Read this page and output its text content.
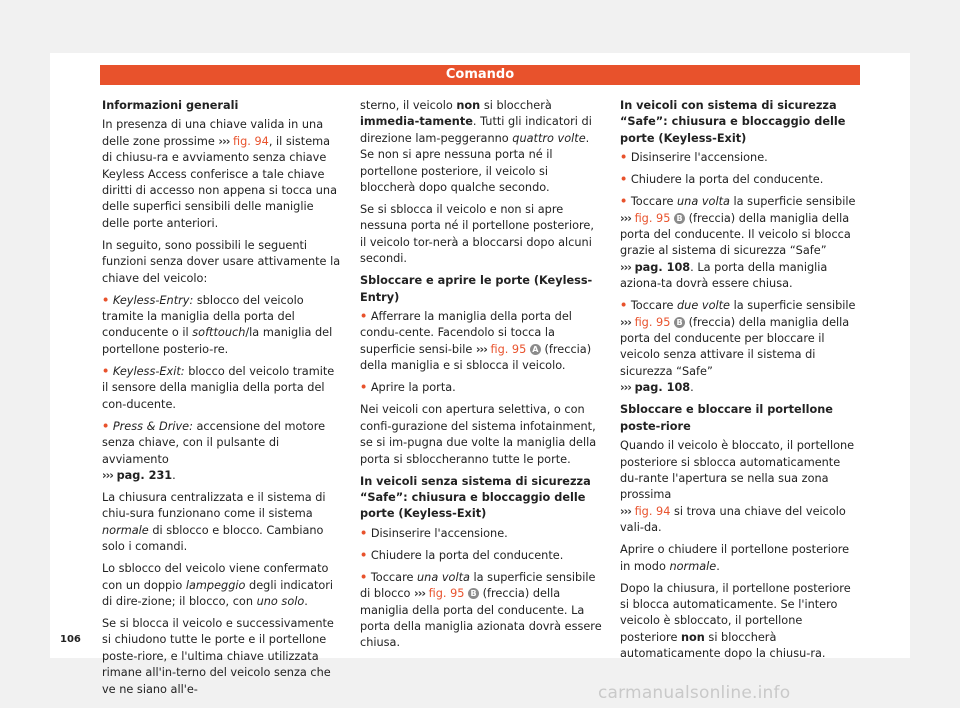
Comando
Informazioni generali

In presenza di una chiave valida in una delle zone prossime ››› fig. 94, il sistema di chiusu-ra e avviamento senza chiave Keyless Access conferisce a tale chiave diritti di accesso non appena si tocca una delle superfici sensibili delle maniglie delle porte anteriori.

In seguito, sono possibili le seguenti funzioni senza dover usare attivamente la chiave del veicolo:

• Keyless-Entry: sblocco del veicolo tramite la maniglia della porta del conducente o il softtouch/la maniglia del portellone posterio-re.

• Keyless-Exit: blocco del veicolo tramite il sensore della maniglia della porta del con-ducente.

• Press & Drive: accensione del motore senza chiave, con il pulsante di avviamento
››› pag. 231.

La chiusura centralizzata e il sistema di chiu-sura funzionano come il sistema normale di sblocco e blocco. Cambiano solo i comandi.

Lo sblocco del veicolo viene confermato con un doppio lampeggio degli indicatori di dire-zione; il blocco, con uno solo.

Se si blocca il veicolo e successivamente si chiudono tutte le porte e il portellone poste-riore, e l'ultima chiave utilizzata rimane all'in-terno del veicolo senza che ve ne siano all'e-

sterno, il veicolo non si bloccherà immedia-tamente. Tutti gli indicatori di direzione lam-peggeranno quattro volte. Se non si apre nessuna porta né il portellone posteriore, il veicolo si bloccherà dopo qualche secondo.

Se si sblocca il veicolo e non si apre nessuna porta né il portellone posteriore, il veicolo tor-nerà a bloccarsi dopo alcuni secondi.

Sbloccare e aprire le porte (Keyless-Entry)

• Afferrare la maniglia della porta del condu-cente. Facendolo si tocca la superficie sensi-bile ››› fig. 95 A (freccia) della maniglia e si sblocca il veicolo.

• Aprire la porta.

Nei veicoli con apertura selettiva, o con confi-gurazione del sistema infotainment, se si im-pugna due volte la maniglia della porta si sbloccheranno tutte le porte.

In veicoli senza sistema di sicurezza “Safe”: chiusura e bloccaggio delle porte (Keyless-Exit)

• Disinserire l'accensione.

• Chiudere la porta del conducente.

• Toccare una volta la superficie sensibile di blocco ››› fig. 95 B (freccia) della maniglia della porta del conducente. La porta della maniglia azionata dovrà essere chiusa.

In veicoli con sistema di sicurezza “Safe”: chiusura e bloccaggio delle porte (Keyless-Exit)

• Disinserire l'accensione.

• Chiudere la porta del conducente.

• Toccare una volta la superficie sensibile
››› fig. 95 B (freccia) della maniglia della porta del conducente. Il veicolo si blocca grazie al sistema di sicurezza “Safe”
››› pag. 108. La porta della maniglia aziona-ta dovrà essere chiusa.

• Toccare due volte la superficie sensibile
››› fig. 95 B (freccia) della maniglia della porta del conducente per bloccare il veicolo senza attivare il sistema di sicurezza “Safe”
››› pag. 108.

Sbloccare e bloccare il portellone poste-riore

Quando il veicolo è bloccato, il portellone posteriore si sblocca automaticamente du-rante l'apertura se nella sua zona prossima
››› fig. 94 si trova una chiave del veicolo vali-da.

Aprire o chiudere il portellone posteriore in modo normale.

Dopo la chiusura, il portellone posteriore si blocca automaticamente. Se l'intero veicolo è sbloccato, il portellone posteriore non si bloccherà automaticamente dopo la chiusu-ra.

106
carmanualsonline.info
